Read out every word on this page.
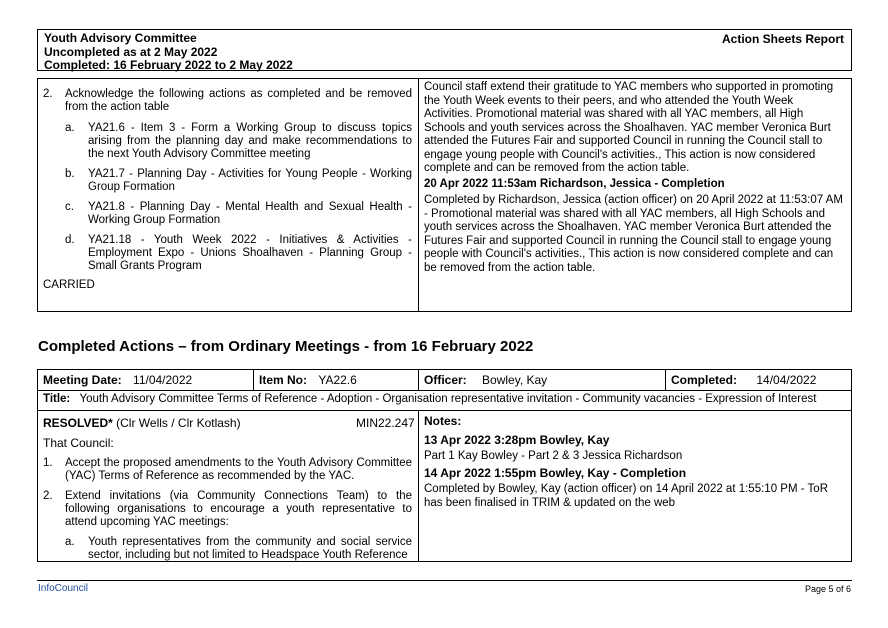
Youth Advisory Committee
Uncompleted as at 2 May 2022
Completed: 16 February 2022 to 2 May 2022
Action Sheets Report
2. Acknowledge the following actions as completed and be removed from the action table
a. YA21.6 - Item 3 - Form a Working Group to discuss topics arising from the planning day and make recommendations to the next Youth Advisory Committee meeting
b. YA21.7 - Planning Day - Activities for Young People - Working Group Formation
c. YA21.8 - Planning Day - Mental Health and Sexual Health - Working Group Formation
d. YA21.18 - Youth Week 2022 - Initiatives & Activities - Employment Expo - Unions Shoalhaven - Planning Group - Small Grants Program
CARRIED
Council staff extend their gratitude to YAC members who supported in promoting the Youth Week events to their peers, and who attended the Youth Week Activities. Promotional material was shared with all YAC members, all High Schools and youth services across the Shoalhaven. YAC member Veronica Burt attended the Futures Fair and supported Council in running the Council stall to engage young people with Council's activities., This action is now considered complete and can be removed from the action table.
20 Apr 2022 11:53am Richardson, Jessica - Completion
Completed by Richardson, Jessica (action officer) on 20 April 2022 at 11:53:07 AM - Promotional material was shared with all YAC members, all High Schools and youth services across the Shoalhaven. YAC member Veronica Burt attended the Futures Fair and supported Council in running the Council stall to engage young people with Council's activities., This action is now considered complete and can be removed from the action table.
Completed Actions – from Ordinary Meetings - from 16 February 2022
Meeting Date: 11/04/2022	Item No: YA22.6	Officer: Bowley, Kay	Completed: 14/04/2022
Title: Youth Advisory Committee Terms of Reference - Adoption - Organisation representative invitation - Community vacancies - Expression of Interest
RESOLVED* (Clr Wells / Clr Kotlash)	MIN22.247
That Council:
1. Accept the proposed amendments to the Youth Advisory Committee (YAC) Terms of Reference as recommended by the YAC.
2. Extend invitations (via Community Connections Team) to the following organisations to encourage a youth representative to attend upcoming YAC meetings:
a. Youth representatives from the community and social service sector, including but not limited to Headspace Youth Reference
Notes:
13 Apr 2022 3:28pm Bowley, Kay
Part 1 Kay Bowley - Part 2 & 3 Jessica Richardson
14 Apr 2022 1:55pm Bowley, Kay - Completion
Completed by Bowley, Kay (action officer) on 14 April 2022 at 1:55:10 PM - ToR has been finalised in TRIM & updated on the web
InfoCouncil	Page 5 of 6
